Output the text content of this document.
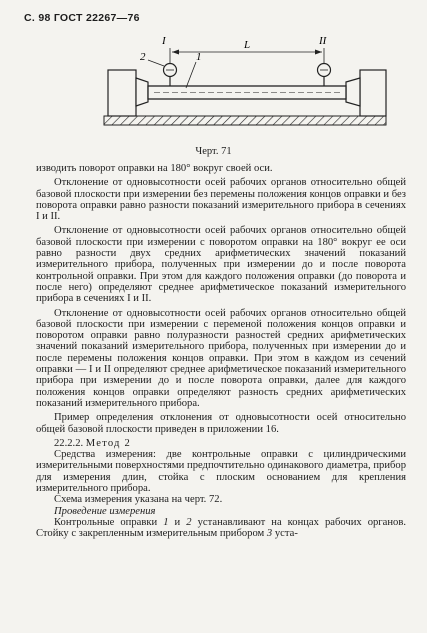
С. 98 ГОСТ 22267—76
I	II
L
2	1
Черт. 71

изводить поворот оправки на 180° вокруг своей оси.

Отклонение от одновысотности осей рабочих органов относительно общей базовой плоскости при измерении без перемены положения концов оправки и без поворота оправки равно разности показаний измерительного прибора в сечениях I и II.

Отклонение от одновысотности осей рабочих органов относительно общей базовой плоскости при измерении с поворотом оправки на 180° вокруг ее оси равно разности двух средних арифметических значений показаний измерительного прибора, полученных при измерении до и после поворота контрольной оправки. При этом для каждого положения оправки (до поворота и после него) определяют среднее арифметическое показаний измерительного прибора в сечениях I и II.

Отклонение от одновысотности осей рабочих органов относительно общей базовой плоскости при измерении с переменой положения концов оправки и поворотом оправки равно полуразности разностей средних арифметических значений показаний измерительного прибора, полученных при измерении до и после перемены положения концов оправки. При этом в каждом из сечений оправки — I и II определяют среднее арифметическое показаний измерительного прибора при измерении до и после поворота оправки, далее для каждого положения концов оправки определяют разность средних арифметических показаний измерительного прибора.

Пример определения отклонения от одновысотности осей относительно общей базовой плоскости приведен в приложении 16.

22.2.2. Метод 2

Средства измерения: две контрольные оправки с цилиндрическими измерительными поверхностями предпочтительно одинакового диаметра, прибор для измерения длин, стойка с плоским основанием для крепления измерительного прибора.

Схема измерения указана на черт. 72.

Проведение измерения

Контрольные оправки 1 и 2 устанавливают на концах рабочих органов. Стойку с закрепленным измерительным прибором 3 уста-
